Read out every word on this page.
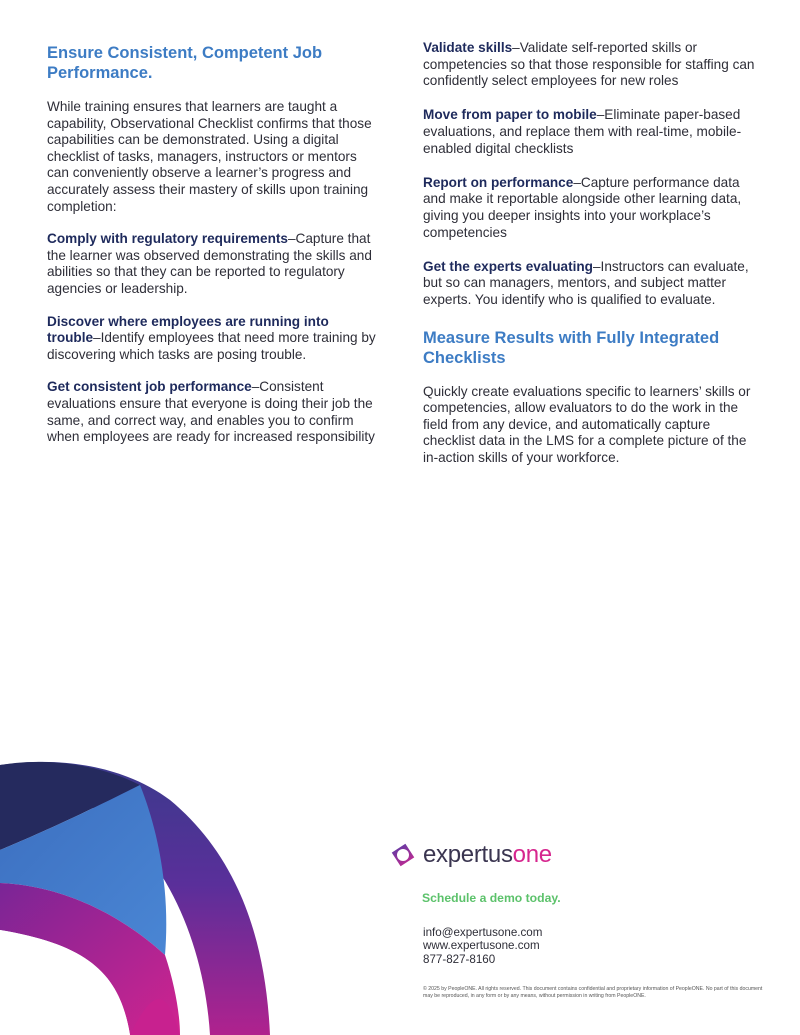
Ensure Consistent, Competent Job Performance.

While training ensures that learners are taught a capability, Observational Checklist confirms that those capabilities can be demonstrated. Using a digital checklist of tasks, managers, instructors or mentors can conveniently observe a learner’s progress and accurately assess their mastery of skills upon training completion:

Comply with regulatory requirements–Capture that the learner was observed demonstrating the skills and abilities so that they can be reported to regulatory agencies or leadership.

Discover where employees are running into trouble–Identify employees that need more training by discovering which tasks are posing trouble.

Get consistent job performance–Consistent evaluations ensure that everyone is doing their job the same, and correct way, and enables you to confirm when employees are ready for increased responsibility

Validate skills–Validate self-reported skills or competencies so that those responsible for staffing can confidently select employees for new roles

Move from paper to mobile–Eliminate paper-based evaluations, and replace them with real-time, mobile-enabled digital checklists

Report on performance–Capture performance data and make it reportable alongside other learning data, giving you deeper insights into your workplace’s competencies

Get the experts evaluating–Instructors can evaluate, but so can managers, mentors, and subject matter experts. You identify who is qualified to evaluate.

Measure Results with Fully Integrated Checklists

Quickly create evaluations specific to learners’ skills or competencies, allow evaluators to do the work in the field from any device, and automatically capture checklist data in the LMS for a complete picture of the in-action skills of your workforce.

expertusone
Schedule a demo today.
info@expertusone.com
www.expertusone.com
877-827-8160
© 2025 by PeopleONE. All rights reserved. This document contains confidential and proprietary information of PeopleONE. No part of this document may be reproduced, in any form or by any means, without permission in writing from PeopleONE.
